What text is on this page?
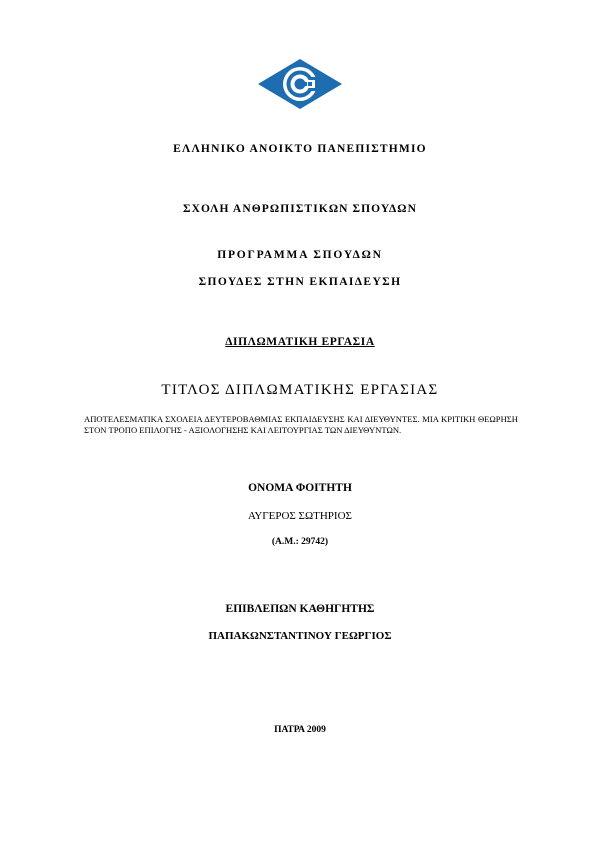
ΕΛΛΗΝΙΚΟ ΑΝΟΙΚΤΟ ΠΑΝΕΠΙΣΤΗΜΙΟ
ΣΧΟΛΗ ΑΝΘΡΩΠΙΣΤΙΚΩΝ ΣΠΟΥΔΩΝ
ΠΡΟΓΡΑΜΜΑ ΣΠΟΥΔΩΝ
ΣΠΟΥΔΕΣ ΣΤΗΝ ΕΚΠΑΙΔΕΥΣΗ
ΔΙΠΛΩΜΑΤΙΚΗ ΕΡΓΑΣΙΑ
ΤΙΤΛΟΣ ΔΙΠΛΩΜΑΤΙΚΗΣ ΕΡΓΑΣΙΑΣ
ΑΠΟΤΕΛΕΣΜΑΤΙΚΑ ΣΧΟΛΕΙΑ ΔΕΥΤΕΡΟΒΑΘΜΙΑΣ ΕΚΠΑΙΔΕΥΣΗΣ ΚΑΙ ΔΙΕΥΘΥΝΤΕΣ. ΜΙΑ ΚΡΙΤΙΚΗ ΘΕΩΡΗΣΗ ΣΤΟΝ ΤΡΟΠΟ ΕΠΙΛΟΓΗΣ - ΑΞΙΟΛΟΓΗΣΗΣ ΚΑΙ ΛΕΙΤΟΥΡΓΙΑΣ ΤΩΝ ΔΙΕΥΘΥΝΤΩΝ.
ΟΝΟΜΑ ΦΟΙΤΗΤΗ
ΑΥΓΕΡΟΣ ΣΩΤΗΡΙΟΣ
(Α.Μ.: 29742)
ΕΠΙΒΛΕΠΩΝ ΚΑΘΗΓΗΤΗΣ
ΠΑΠΑΚΩΝΣΤΑΝΤΙΝΟΥ ΓΕΩΡΓΙΟΣ
ΠΑΤΡΑ 2009
